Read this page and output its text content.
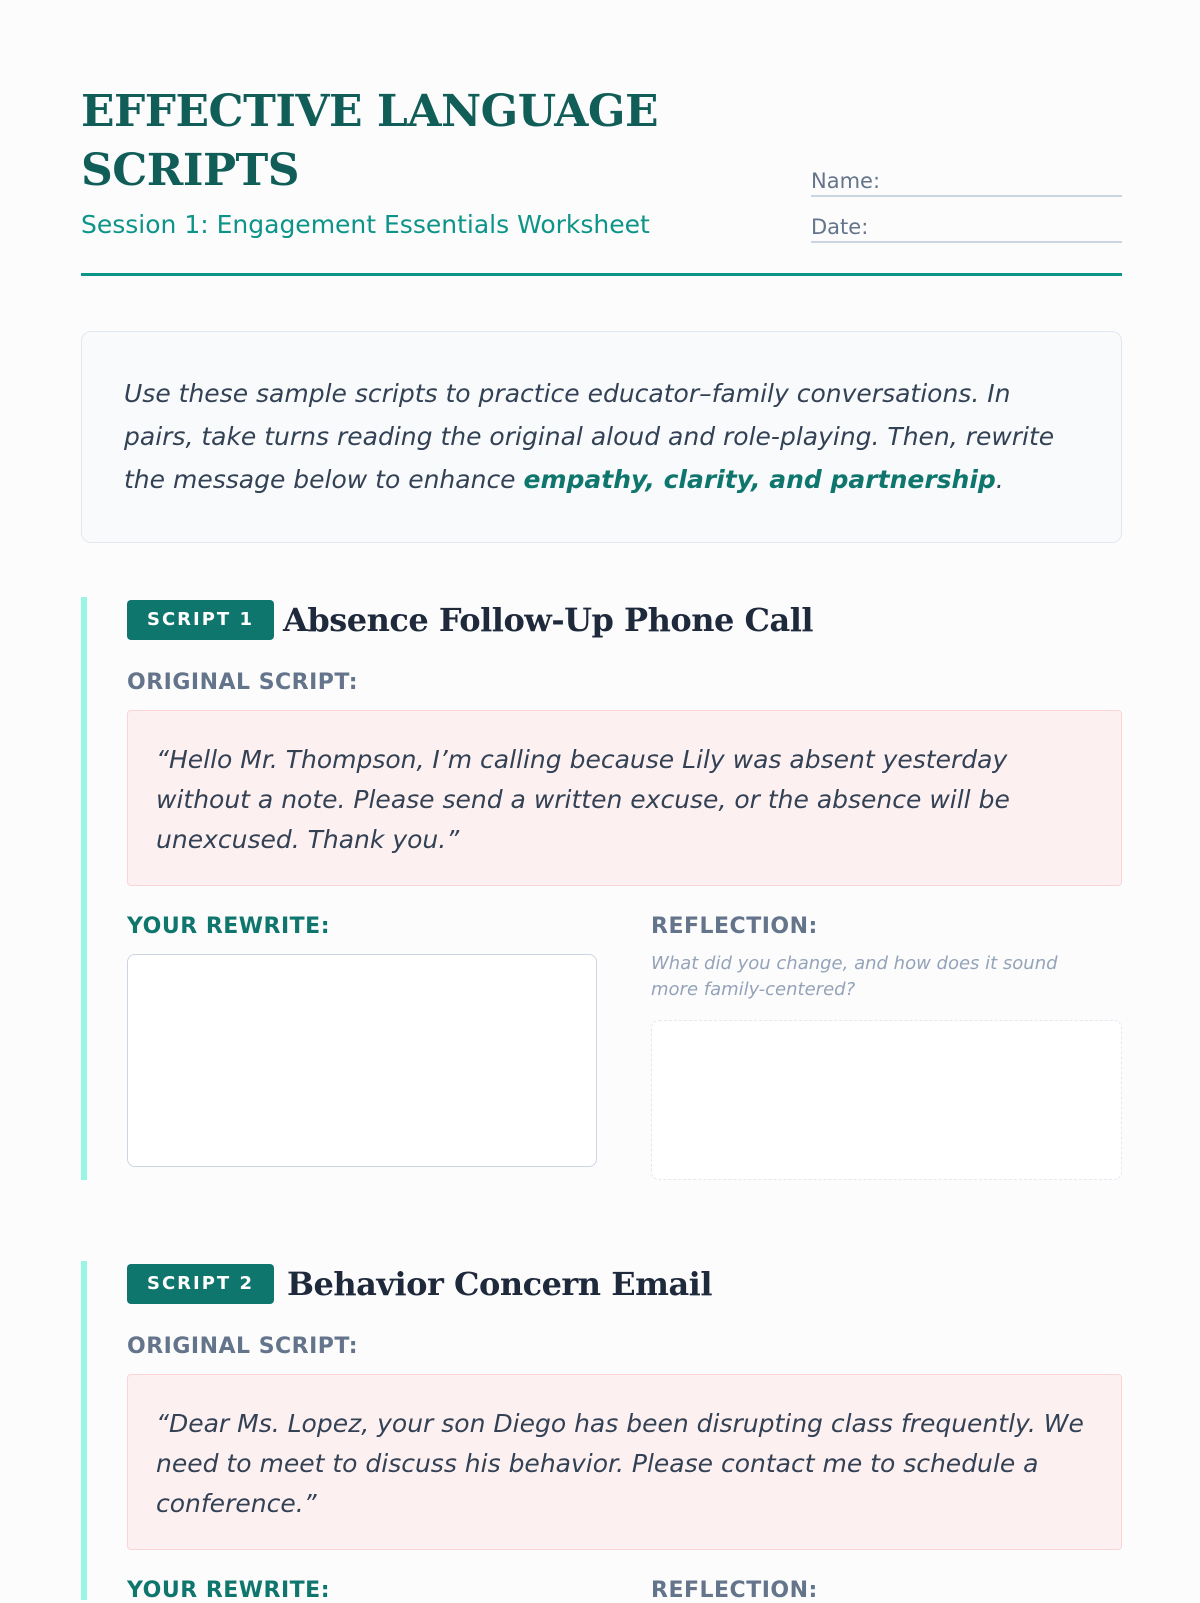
EFFECTIVE LANGUAGE SCRIPTS
Session 1: Engagement Essentials Worksheet
Name:
Date:
Use these sample scripts to practice educator–family conversations. In pairs, take turns reading the original aloud and role-playing. Then, rewrite the message below to enhance empathy, clarity, and partnership.
SCRIPT 1 Absence Follow-Up Phone Call
ORIGINAL SCRIPT:
“Hello Mr. Thompson, I’m calling because Lily was absent yesterday without a note. Please send a written excuse, or the absence will be unexcused. Thank you.”
YOUR REWRITE:	REFLECTION:
What did you change, and how does it sound more family-centered?
SCRIPT 2	Behavior Concern Email
ORIGINAL SCRIPT:
“Dear Ms. Lopez, your son Diego has been disrupting class frequently. We need to meet to discuss his behavior. Please contact me to schedule a conference.”
YOUR REWRITE:	REFLECTION:
